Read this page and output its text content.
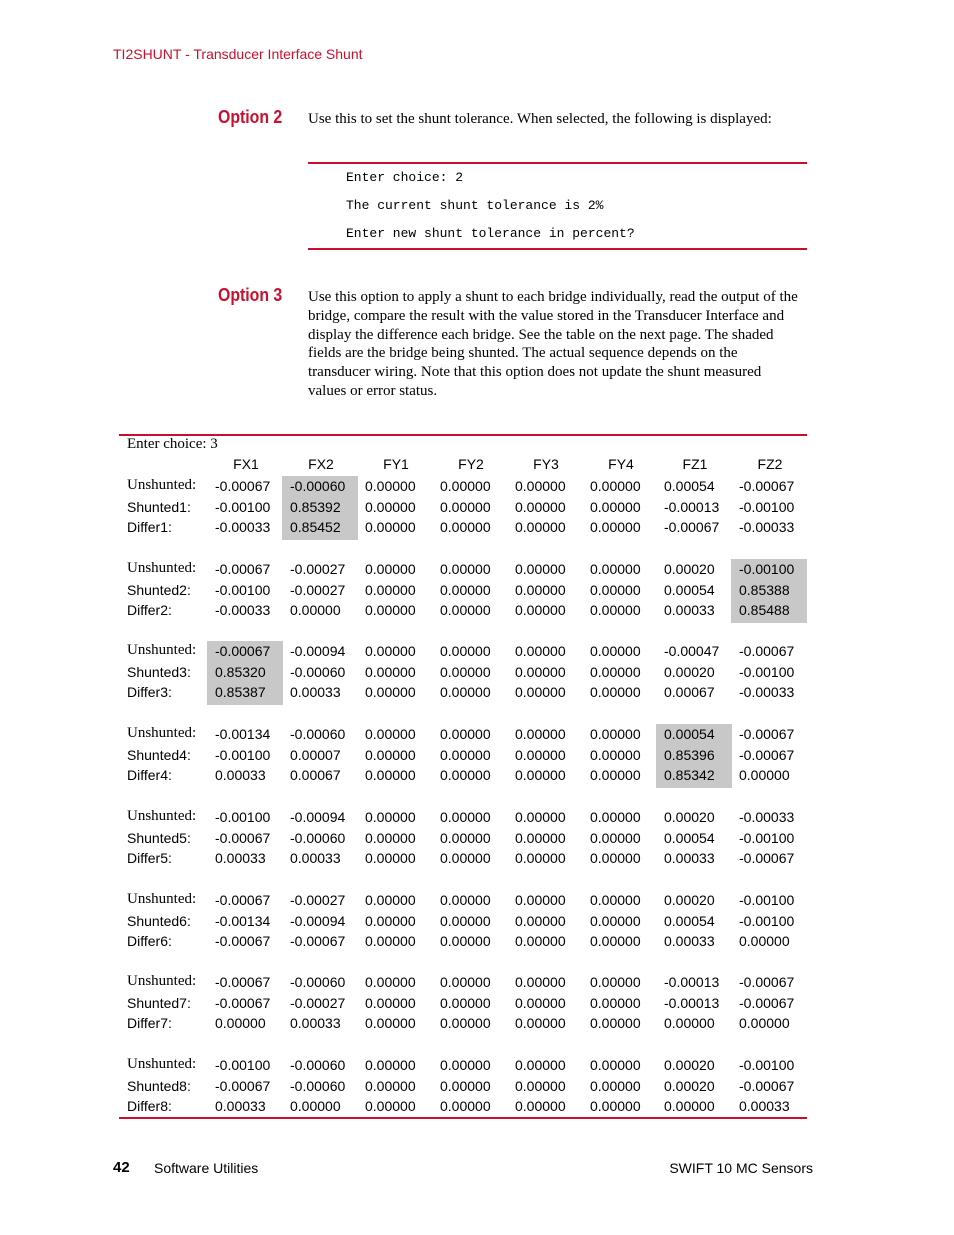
TI2SHUNT - Transducer Interface Shunt
Option 2 Use this to set the shunt tolerance. When selected, the following is displayed:
Enter choice: 2
The current shunt tolerance is 2%
Enter new shunt tolerance in percent?
Option 3 Use this option to apply a shunt to each bridge individually, read the output of the
bridge, compare the result with the value stored in the Transducer Interface and
display the difference each bridge. See the table on the next page. The shaded
fields are the bridge being shunted. The actual sequence depends on the
transducer wiring. Note that this option does not update the shunt measured
values or error status.
Enter choice: 3
FX1	FX2	FY1	FY2	FY3	FY4	FZ1	FZ2
Unshunted: -0.00067 -0.00060 0.00000 0.00000 0.00000 0.00000 0.00054 -0.00067
Shunted1: -0.00100 0.85392 0.00000 0.00000 0.00000 0.00000 -0.00013 -0.00100
Differ1:	-0.00033 0.85452 0.00000 0.00000 0.00000 0.00000 -0.00067 -0.00033
Unshunted: -0.00067 -0.00027 0.00000 0.00000 0.00000 0.00000 0.00020 -0.00100
Shunted2: -0.00100 -0.00027 0.00000 0.00000 0.00000 0.00000 0.00054 0.85388
Differ2:	-0.00033 0.00000 0.00000 0.00000 0.00000 0.00000 0.00033 0.85488
Unshunted: -0.00067 -0.00094 0.00000 0.00000 0.00000 0.00000 -0.00047 -0.00067
Shunted3: 0.85320 -0.00060 0.00000 0.00000 0.00000 0.00000 0.00020 -0.00100
Differ3:	0.85387 0.00033 0.00000 0.00000 0.00000 0.00000 0.00067 -0.00033
Unshunted: -0.00134 -0.00060 0.00000 0.00000 0.00000 0.00000 0.00054 -0.00067
Shunted4: -0.00100 0.00007 0.00000 0.00000 0.00000 0.00000 0.85396 -0.00067
Differ4:	0.00033 0.00067 0.00000 0.00000 0.00000 0.00000 0.85342 0.00000
Unshunted: -0.00100 -0.00094 0.00000 0.00000 0.00000 0.00000 0.00020 -0.00033
Shunted5: -0.00067 -0.00060 0.00000 0.00000 0.00000 0.00000 0.00054 -0.00100
Differ5:	0.00033 0.00033 0.00000 0.00000 0.00000 0.00000 0.00033 -0.00067
Unshunted: -0.00067 -0.00027 0.00000 0.00000 0.00000 0.00000 0.00020 -0.00100
Shunted6: -0.00134 -0.00094 0.00000 0.00000 0.00000 0.00000 0.00054 -0.00100
Differ6:	-0.00067 -0.00067 0.00000 0.00000 0.00000 0.00000 0.00033 0.00000
Unshunted: -0.00067 -0.00060 0.00000 0.00000 0.00000 0.00000 -0.00013 -0.00067
Shunted7: -0.00067 -0.00027 0.00000 0.00000 0.00000 0.00000 -0.00013 -0.00067
Differ7:	0.00000 0.00033 0.00000 0.00000 0.00000 0.00000 0.00000 0.00000
Unshunted: -0.00100 -0.00060 0.00000 0.00000 0.00000 0.00000 0.00020 -0.00100
Shunted8: -0.00067 -0.00060 0.00000 0.00000 0.00000 0.00000 0.00020 -0.00067
Differ8:	0.00033 0.00000 0.00000 0.00000 0.00000 0.00000 0.00000 0.00033
42 Software Utilities	SWIFT 10 MC Sensors
